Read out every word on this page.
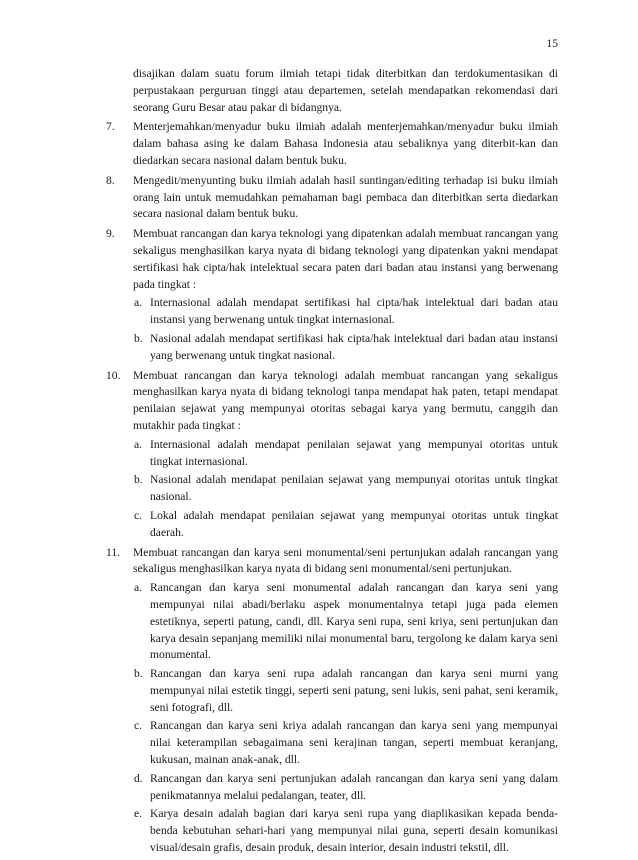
15

disajikan dalam suatu forum ilmiah tetapi tidak diterbitkan dan terdokumentasikan di perpustakaan perguruan tinggi atau departemen, setelah mendapatkan rekomendasi dari seorang Guru Besar atau pakar di bidangnya.

7.	Menterjemahkan/menyadur buku ilmiah adalah menterjemahkan/menyadur buku ilmiah dalam bahasa asing ke dalam Bahasa Indonesia atau sebaliknya yang diterbit-kan dan diedarkan secara nasional dalam bentuk buku.

8.	Mengedit/menyunting buku ilmiah adalah hasil suntingan/editing terhadap isi buku ilmiah orang lain untuk memudahkan pemahaman bagi pembaca dan diterbitkan serta diedarkan secara nasional dalam bentuk buku.

9.	Membuat rancangan dan karya teknologi yang dipatenkan adalah membuat rancangan yang sekaligus menghasilkan karya nyata di bidang teknologi yang dipatenkan yakni mendapat sertifikasi hak cipta/hak intelektual secara paten dari badan atau instansi yang berwenang pada tingkat :

a. Internasional adalah mendapat sertifikasi hal cipta/hak intelektual dari badan atau instansi yang berwenang untuk tingkat internasional.

b. Nasional adalah mendapat sertifikasi hak cipta/hak intelektual dari badan atau instansi yang berwenang untuk tingkat nasional.

10.	Membuat rancangan dan karya teknologi adalah membuat rancangan yang sekaligus menghasilkan karya nyata di bidang teknologi tanpa mendapat hak paten, tetapi mendapat penilaian sejawat yang mempunyai otoritas sebagai karya yang bermutu, canggih dan mutakhir pada tingkat :

a. Internasional adalah mendapat penilaian sejawat yang mempunyai otoritas untuk tingkat internasional.

b. Nasional adalah mendapat penilaian sejawat yang mempunyai otoritas untuk tingkat nasional.

c. Lokal adalah mendapat penilaian sejawat yang mempunyai otoritas untuk tingkat daerah.

11.	Membuat rancangan dan karya seni monumental/seni pertunjukan adalah rancangan yang sekaligus menghasilkan karya nyata di bidang seni monumental/seni pertunjukan.

a. Rancangan dan karya seni monumental adalah rancangan dan karya seni yang mempunyai nilai abadi/berlaku aspek monumentalnya tetapi juga pada elemen estetiknya, seperti patung, candi, dll. Karya seni rupa, seni kriya, seni pertunjukan dan karya desain sepanjang memiliki nilai monumental baru, tergolong ke dalam karya seni monumental.

b. Rancangan dan karya seni rupa adalah rancangan dan karya seni murni yang mempunyai nilai estetik tinggi, seperti seni patung, seni lukis, seni pahat, seni keramik, seni fotografi, dll.

c. Rancangan dan karya seni kriya adalah rancangan dan karya seni yang mempunyai nilai keterampilan sebagaimana seni kerajinan tangan, seperti membuat keranjang, kukusan, mainan anak-anak, dll.

d. Rancangan dan karya seni pertunjukan adalah rancangan dan karya seni yang dalam penikmatannya melalui pedalangan, teater, dll.

e. Karya desain adalah bagian dari karya seni rupa yang diaplikasikan kepada benda-benda kebutuhan sehari-hari yang mempunyai nilai guna, seperti desain komunikasi visual/desain grafis, desain produk, desain interior, desain industri tekstil, dll.
